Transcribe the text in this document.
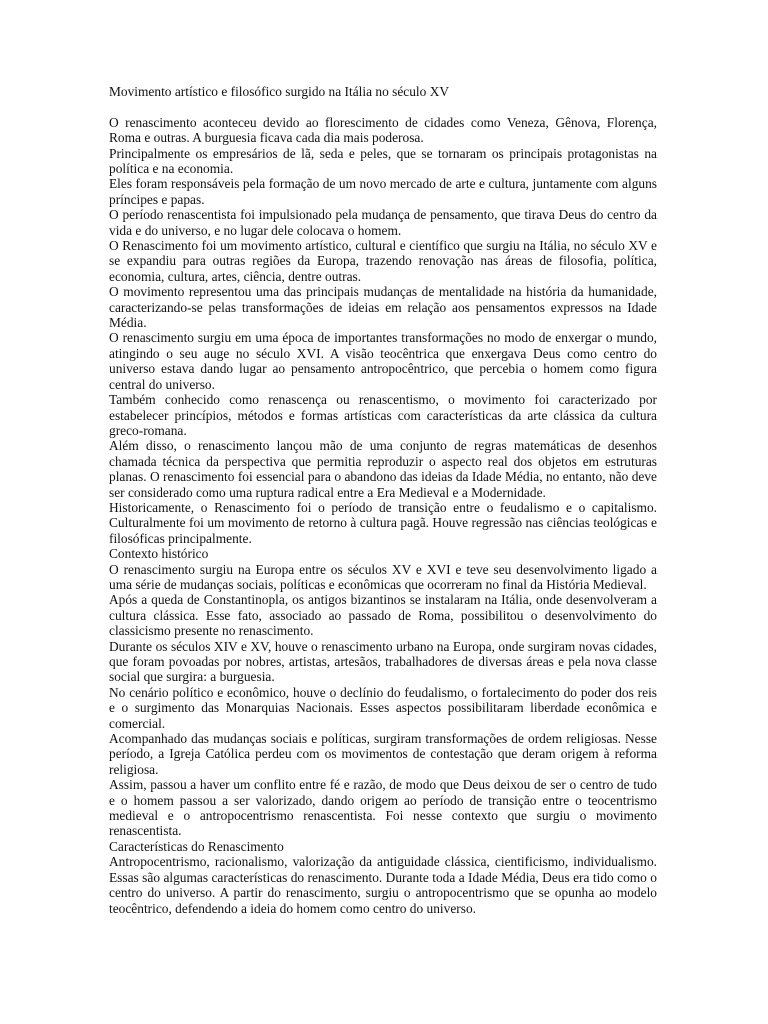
Movimento artístico e filosófico surgido na Itália no século XV

O renascimento aconteceu devido ao florescimento de cidades como Veneza, Gênova, Florença, Roma e outras. A burguesia ficava cada dia mais poderosa.

Principalmente os empresários de lã, seda e peles, que se tornaram os principais protagonistas na política e na economia.

Eles foram responsáveis pela formação de um novo mercado de arte e cultura, juntamente com alguns príncipes e papas.

O período renascentista foi impulsionado pela mudança de pensamento, que tirava Deus do centro da vida e do universo, e no lugar dele colocava o homem.

O Renascimento foi um movimento artístico, cultural e científico que surgiu na Itália, no século XV e se expandiu para outras regiões da Europa, trazendo renovação nas áreas de filosofia, política, economia, cultura, artes, ciência, dentre outras.

O movimento representou uma das principais mudanças de mentalidade na história da humanidade, caracterizando-se pelas transformações de ideias em relação aos pensamentos expressos na Idade Média.

O renascimento surgiu em uma época de importantes transformações no modo de enxergar o mundo, atingindo o seu auge no século XVI. A visão teocêntrica que enxergava Deus como centro do universo estava dando lugar ao pensamento antropocêntrico, que percebia o homem como figura central do universo.

Também conhecido como renascença ou renascentismo, o movimento foi caracterizado por estabelecer princípios, métodos e formas artísticas com características da arte clássica da cultura greco-romana.

Além disso, o renascimento lançou mão de uma conjunto de regras matemáticas de desenhos chamada técnica da perspectiva que permitia reproduzir o aspecto real dos objetos em estruturas planas. O renascimento foi essencial para o abandono das ideias da Idade Média, no entanto, não deve ser considerado como uma ruptura radical entre a Era Medieval e a Modernidade.

Historicamente, o Renascimento foi o período de transição entre o feudalismo e o capitalismo. Culturalmente foi um movimento de retorno à cultura pagã. Houve regressão nas ciências teológicas e filosóficas principalmente.

Contexto histórico

O renascimento surgiu na Europa entre os séculos XV e XVI e teve seu desenvolvimento ligado a uma série de mudanças sociais, políticas e econômicas que ocorreram no final da História Medieval.

Após a queda de Constantinopla, os antigos bizantinos se instalaram na Itália, onde desenvolveram a cultura clássica. Esse fato, associado ao passado de Roma, possibilitou o desenvolvimento do classicismo presente no renascimento.

Durante os séculos XIV e XV, houve o renascimento urbano na Europa, onde surgiram novas cidades, que foram povoadas por nobres, artistas, artesãos, trabalhadores de diversas áreas e pela nova classe social que surgira: a burguesia.

No cenário político e econômico, houve o declínio do feudalismo, o fortalecimento do poder dos reis e o surgimento das Monarquias Nacionais. Esses aspectos possibilitaram liberdade econômica e comercial.

Acompanhado das mudanças sociais e políticas, surgiram transformações de ordem religiosas. Nesse período, a Igreja Católica perdeu com os movimentos de contestação que deram origem à reforma religiosa.

Assim, passou a haver um conflito entre fé e razão, de modo que Deus deixou de ser o centro de tudo e o homem passou a ser valorizado, dando origem ao período de transição entre o teocentrismo medieval e o antropocentrismo renascentista. Foi nesse contexto que surgiu o movimento renascentista.

Características do Renascimento

Antropocentrismo, racionalismo, valorização da antiguidade clássica, cientificismo, individualismo. Essas são algumas características do renascimento. Durante toda a Idade Média, Deus era tido como o centro do universo. A partir do renascimento, surgiu o antropocentrismo que se opunha ao modelo teocêntrico, defendendo a ideia do homem como centro do universo.
